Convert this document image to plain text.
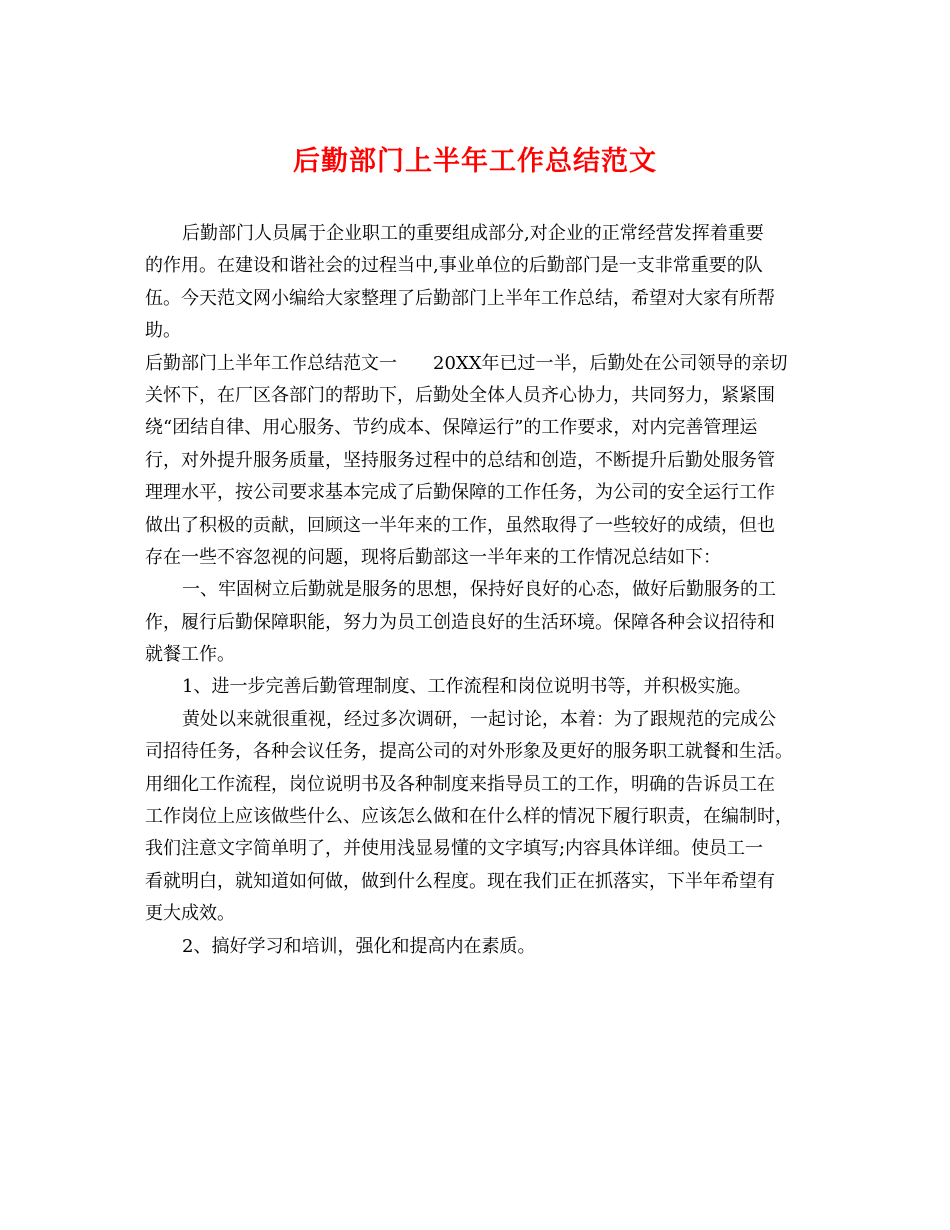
后勤部门上半年工作总结范文
后勤部门人员属于企业职工的重要组成部分,对企业的正常经营发挥着重要
的作用。在建设和谐社会的过程当中,事业单位的后勤部门是一支非常重要的队
伍。今天范文网小编给大家整理了后勤部门上半年工作总结，希望对大家有所帮
助。
后勤部门上半年工作总结范文一　　20XX年已过一半，后勤处在公司领导的亲切
关怀下，在厂区各部门的帮助下，后勤处全体人员齐心协力，共同努力，紧紧围
绕“团结自律、用心服务、节约成本、保障运行”的工作要求，对内完善管理运
行，对外提升服务质量，坚持服务过程中的总结和创造，不断提升后勤处服务管
理理水平，按公司要求基本完成了后勤保障的工作任务，为公司的安全运行工作
做出了积极的贡献，回顾这一半年来的工作，虽然取得了一些较好的成绩，但也
存在一些不容忽视的问题，现将后勤部这一半年来的工作情况总结如下：
一、牢固树立后勤就是服务的思想，保持好良好的心态，做好后勤服务的工
作，履行后勤保障职能，努力为员工创造良好的生活环境。保障各种会议招待和
就餐工作。
1、进一步完善后勤管理制度、工作流程和岗位说明书等，并积极实施。
黄处以来就很重视，经过多次调研，一起讨论，本着：为了跟规范的完成公
司招待任务，各种会议任务，提高公司的对外形象及更好的服务职工就餐和生活。
用细化工作流程，岗位说明书及各种制度来指导员工的工作，明确的告诉员工在
工作岗位上应该做些什么、应该怎么做和在什么样的情况下履行职责，在编制时，
我们注意文字简单明了，并使用浅显易懂的文字填写;内容具体详细。使员工一
看就明白，就知道如何做，做到什么程度。现在我们正在抓落实，下半年希望有
更大成效。
2、搞好学习和培训，强化和提高内在素质。
